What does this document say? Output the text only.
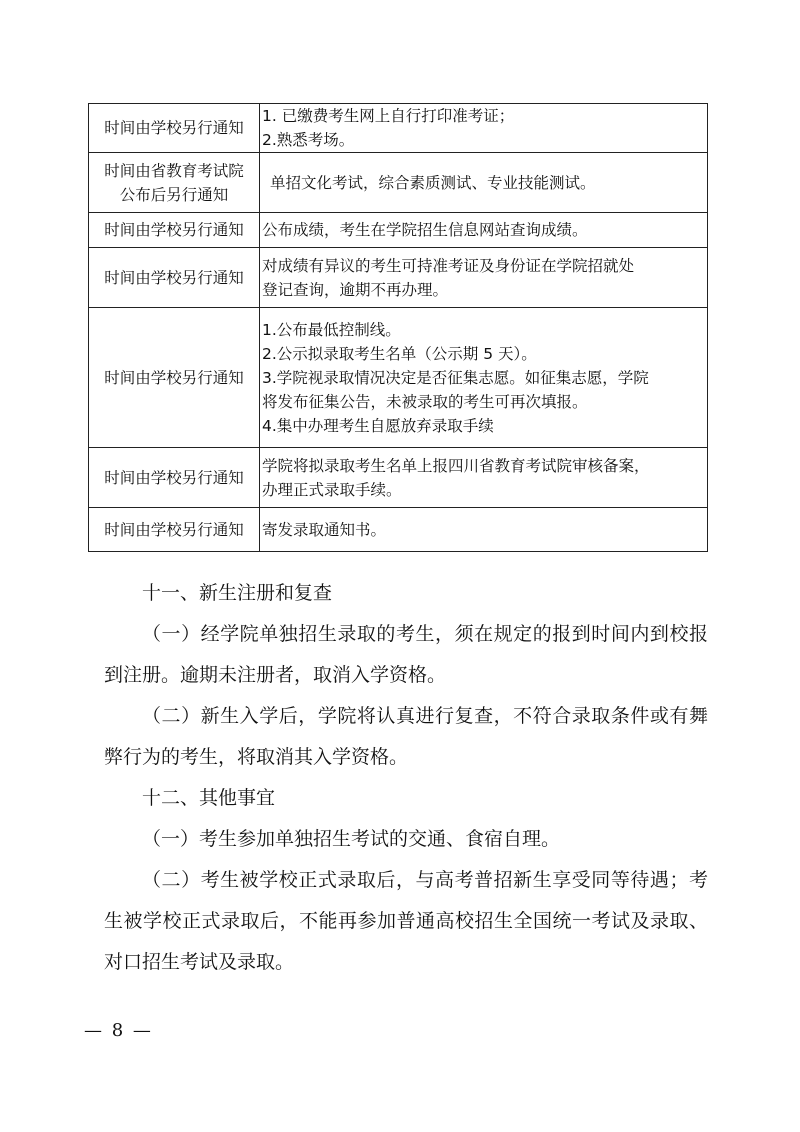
时间由学校另行通知	1. 已缴费考生网上自行打印准考证；
2.熟悉考场。

时间由省教育考试院
公布后另行通知	单招文化考试，综合素质测试、专业技能测试。

时间由学校另行通知	公布成绩，考生在学院招生信息网站查询成绩。

时间由学校另行通知	对成绩有异议的考生可持准考证及身份证在学院招就处
登记查询，逾期不再办理。

时间由学校另行通知	1.公布最低控制线。
2.公示拟录取考生名单（公示期 5 天）。
3.学院视录取情况决定是否征集志愿。如征集志愿，学院
将发布征集公告，未被录取的考生可再次填报。
4.集中办理考生自愿放弃录取手续

时间由学校另行通知	学院将拟录取考生名单上报四川省教育考试院审核备案，
办理正式录取手续。

时间由学校另行通知	寄发录取通知书。

十一、新生注册和复查

（一）经学院单独招生录取的考生，须在规定的报到时间内到校报到注册。逾期未注册者，取消入学资格。

（二）新生入学后，学院将认真进行复查，不符合录取条件或有舞弊行为的考生，将取消其入学资格。

十二、其他事宜

（一）考生参加单独招生考试的交通、食宿自理。

（二）考生被学校正式录取后，与高考普招新生享受同等待遇；考生被学校正式录取后，不能再参加普通高校招生全国统一考试及录取、对口招生考试及录取。

— 8 —
